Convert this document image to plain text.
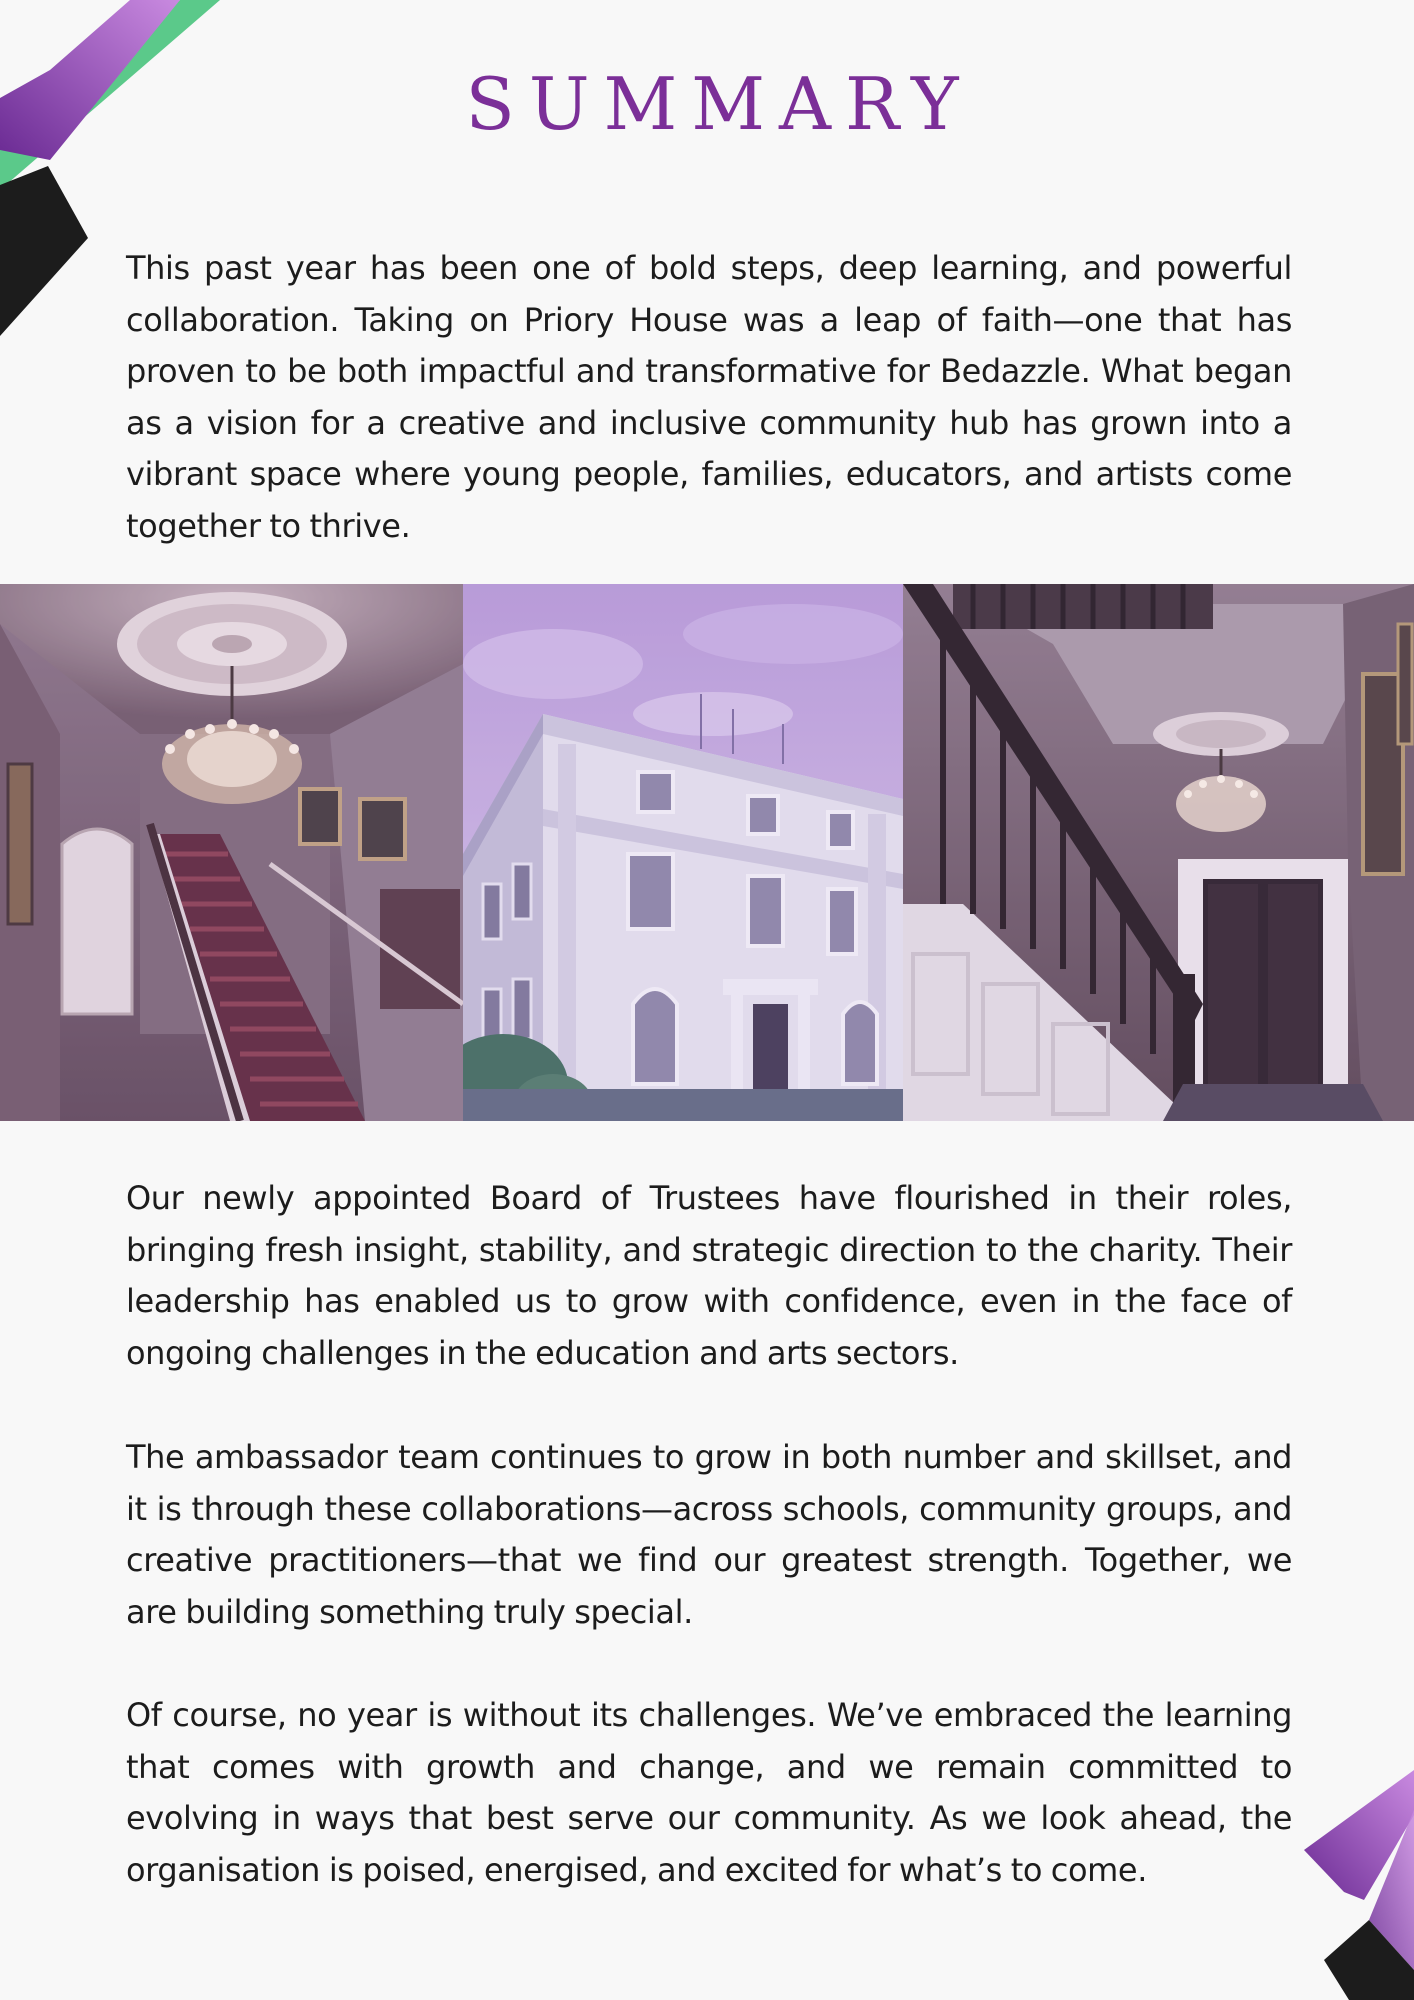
SUMMARY

This past year has been one of bold steps, deep learning, and powerful collaboration. Taking on Priory House was a leap of faith—one that has proven to be both impactful and transformative for Bedazzle. What began as a vision for a creative and inclusive community hub has grown into a vibrant space where young people, families, educators, and artists come together to thrive.

Our newly appointed Board of Trustees have flourished in their roles, bringing fresh insight, stability, and strategic direction to the charity. Their leadership has enabled us to grow with confidence, even in the face of ongoing challenges in the education and arts sectors.

The ambassador team continues to grow in both number and skillset, and it is through these collaborations—across schools, community groups, and creative practitioners—that we find our greatest strength. Together, we are building something truly special.

Of course, no year is without its challenges. We’ve embraced the learning that comes with growth and change, and we remain committed to evolving in ways that best serve our community. As we look ahead, the organisation is poised, energised, and excited for what’s to come.
